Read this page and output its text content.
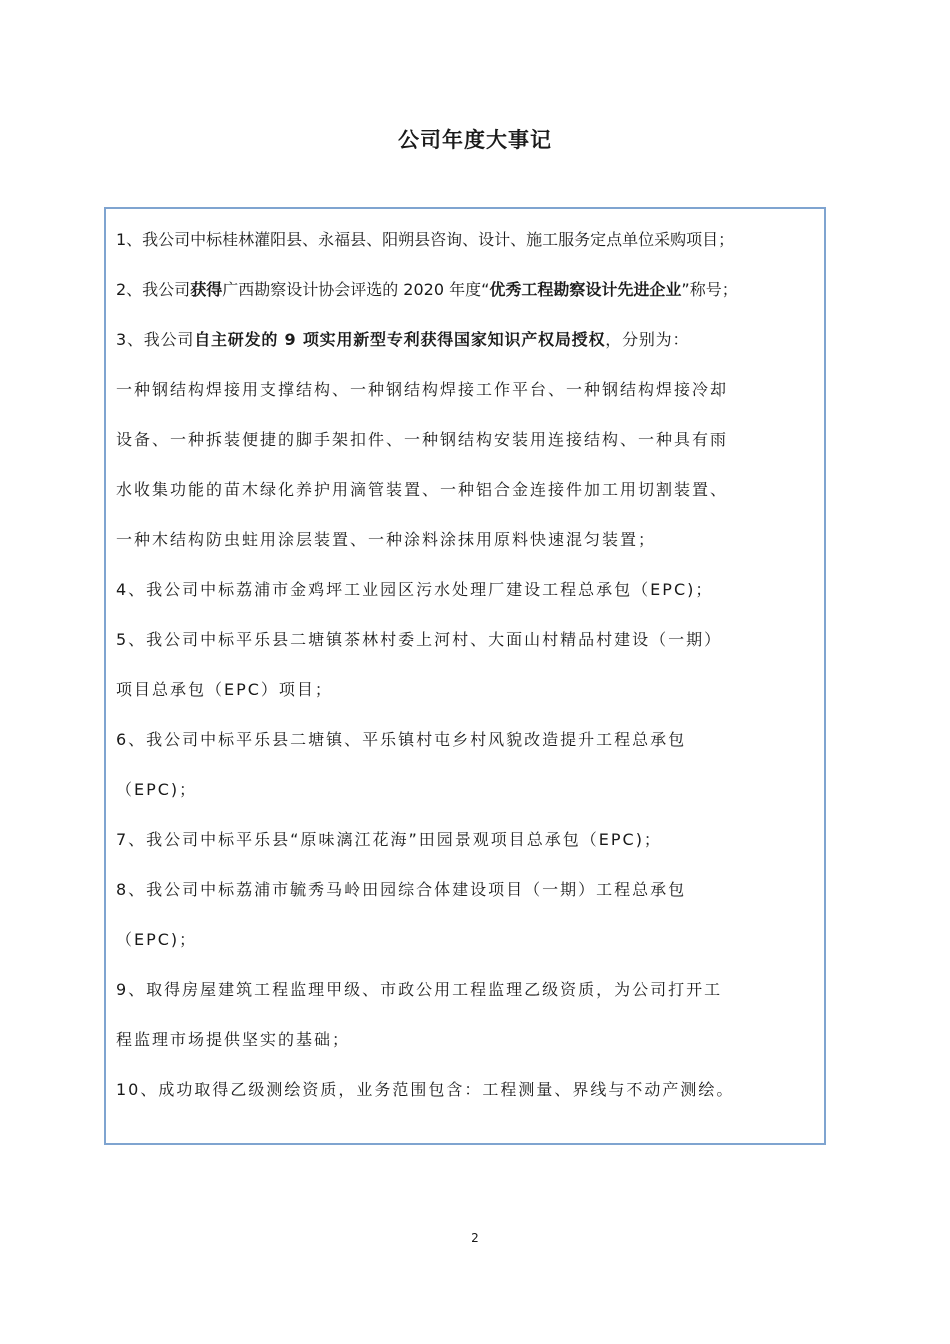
公司年度大事记
1、我公司中标桂林灌阳县、永福县、阳朔县咨询、设计、施工服务定点单位采购项目；
2、我公司获得广西勘察设计协会评选的 2020 年度“优秀工程勘察设计先进企业”称号；
3、我公司自主研发的 9 项实用新型专利获得国家知识产权局授权，分别为：
一种钢结构焊接用支撑结构、一种钢结构焊接工作平台、一种钢结构焊接冷却
设备、一种拆装便捷的脚手架扣件、一种钢结构安装用连接结构、一种具有雨
水收集功能的苗木绿化养护用滴管装置、一种铝合金连接件加工用切割装置、
一种木结构防虫蛀用涂层装置、一种涂料涂抹用原料快速混匀装置；
4、我公司中标荔浦市金鸡坪工业园区污水处理厂建设工程总承包（EPC)；
5、我公司中标平乐县二塘镇茶林村委上河村、大面山村精品村建设（一期）
项目总承包（EPC）项目；
6、我公司中标平乐县二塘镇、平乐镇村屯乡村风貌改造提升工程总承包
（EPC)；
7、我公司中标平乐县“原味漓江花海”田园景观项目总承包（EPC)；
8、我公司中标荔浦市毓秀马岭田园综合体建设项目（一期）工程总承包
（EPC)；
9、取得房屋建筑工程监理甲级、市政公用工程监理乙级资质，为公司打开工
程监理市场提供坚实的基础；
10、成功取得乙级测绘资质，业务范围包含：工程测量、界线与不动产测绘。
2
